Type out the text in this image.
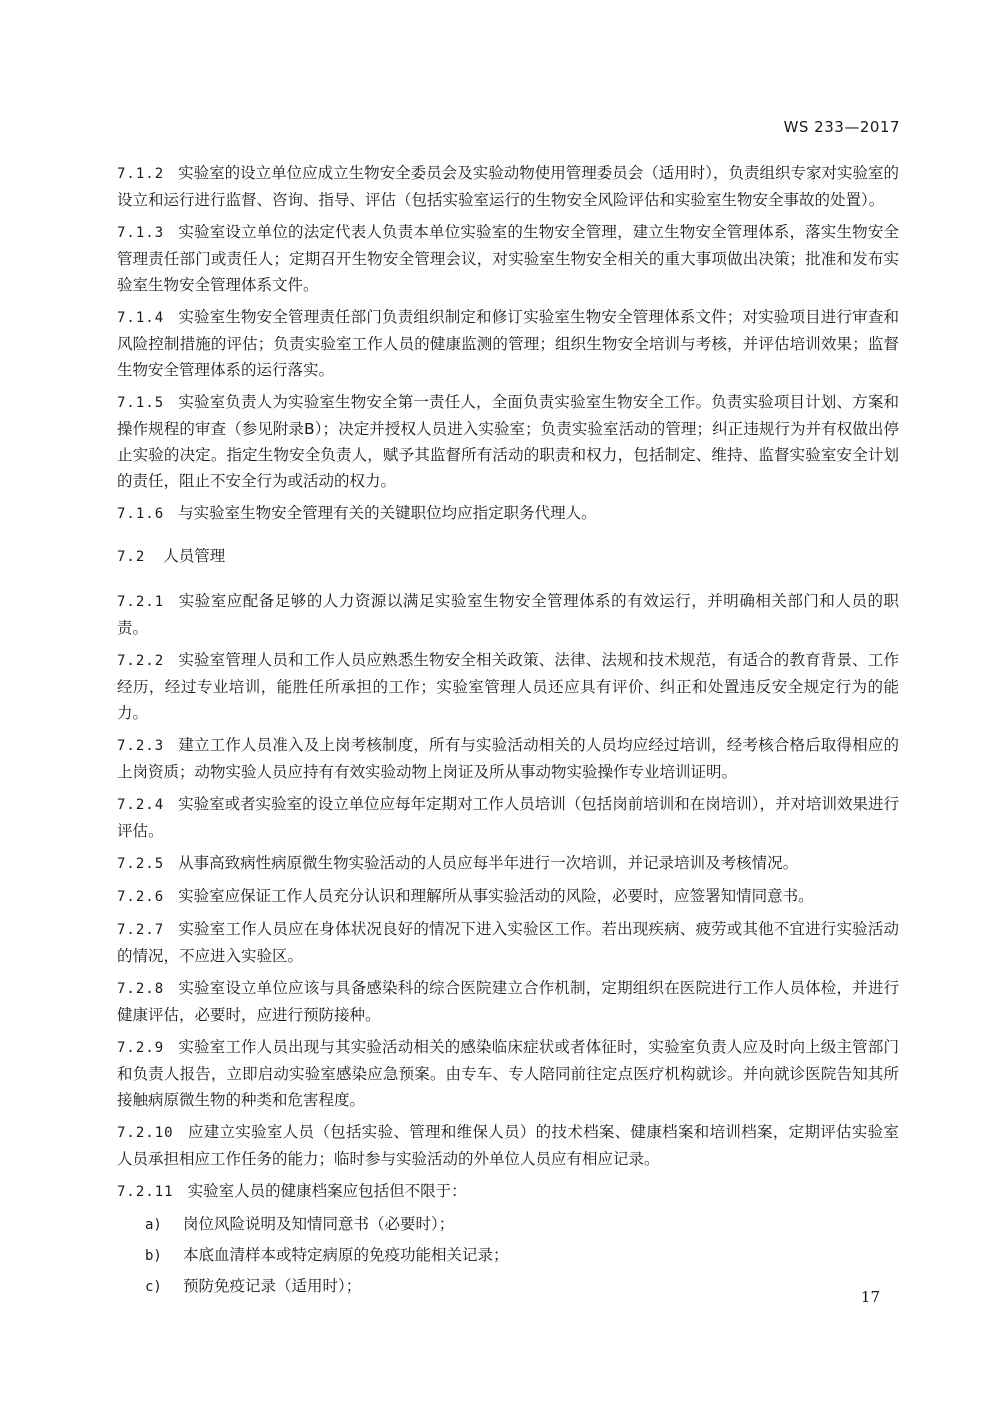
WS 233—2017

7.1.2 实验室的设立单位应成立生物安全委员会及实验动物使用管理委员会（适用时），负责组织专家对实验室的设立和运行进行监督、咨询、指导、评估（包括实验室运行的生物安全风险评估和实验室生物安全事故的处置）。

7.1.3 实验室设立单位的法定代表人负责本单位实验室的生物安全管理，建立生物安全管理体系，落实生物安全管理责任部门或责任人；定期召开生物安全管理会议，对实验室生物安全相关的重大事项做出决策；批准和发布实验室生物安全管理体系文件。

7.1.4 实验室生物安全管理责任部门负责组织制定和修订实验室生物安全管理体系文件；对实验项目进行审查和风险控制措施的评估；负责实验室工作人员的健康监测的管理；组织生物安全培训与考核，并评估培训效果；监督生物安全管理体系的运行落实。

7.1.5 实验室负责人为实验室生物安全第一责任人，全面负责实验室生物安全工作。负责实验项目计划、方案和操作规程的审查（参见附录B）；决定并授权人员进入实验室；负责实验室活动的管理；纠正违规行为并有权做出停止实验的决定。指定生物安全负责人，赋予其监督所有活动的职责和权力，包括制定、维持、监督实验室安全计划的责任，阻止不安全行为或活动的权力。

7.1.6 与实验室生物安全管理有关的关键职位均应指定职务代理人。

7.2 人员管理

7.2.1 实验室应配备足够的人力资源以满足实验室生物安全管理体系的有效运行，并明确相关部门和人员的职责。

7.2.2 实验室管理人员和工作人员应熟悉生物安全相关政策、法律、法规和技术规范，有适合的教育背景、工作经历，经过专业培训，能胜任所承担的工作；实验室管理人员还应具有评价、纠正和处置违反安全规定行为的能力。

7.2.3 建立工作人员准入及上岗考核制度，所有与实验活动相关的人员均应经过培训，经考核合格后取得相应的上岗资质；动物实验人员应持有有效实验动物上岗证及所从事动物实验操作专业培训证明。

7.2.4 实验室或者实验室的设立单位应每年定期对工作人员培训（包括岗前培训和在岗培训），并对培训效果进行评估。

7.2.5 从事高致病性病原微生物实验活动的人员应每半年进行一次培训，并记录培训及考核情况。

7.2.6 实验室应保证工作人员充分认识和理解所从事实验活动的风险，必要时，应签署知情同意书。

7.2.7 实验室工作人员应在身体状况良好的情况下进入实验区工作。若出现疾病、疲劳或其他不宜进行实验活动的情况，不应进入实验区。

7.2.8 实验室设立单位应该与具备感染科的综合医院建立合作机制，定期组织在医院进行工作人员体检，并进行健康评估，必要时，应进行预防接种。

7.2.9 实验室工作人员出现与其实验活动相关的感染临床症状或者体征时，实验室负责人应及时向上级主管部门和负责人报告，立即启动实验室感染应急预案。由专车、专人陪同前往定点医疗机构就诊。并向就诊医院告知其所接触病原微生物的种类和危害程度。

7.2.10 应建立实验室人员（包括实验、管理和维保人员）的技术档案、健康档案和培训档案，定期评估实验室人员承担相应工作任务的能力；临时参与实验活动的外单位人员应有相应记录。

7.2.11 实验室人员的健康档案应包括但不限于：

a) 岗位风险说明及知情同意书（必要时）；
b) 本底血清样本或特定病原的免疫功能相关记录；
c) 预防免疫记录（适用时）；
17
